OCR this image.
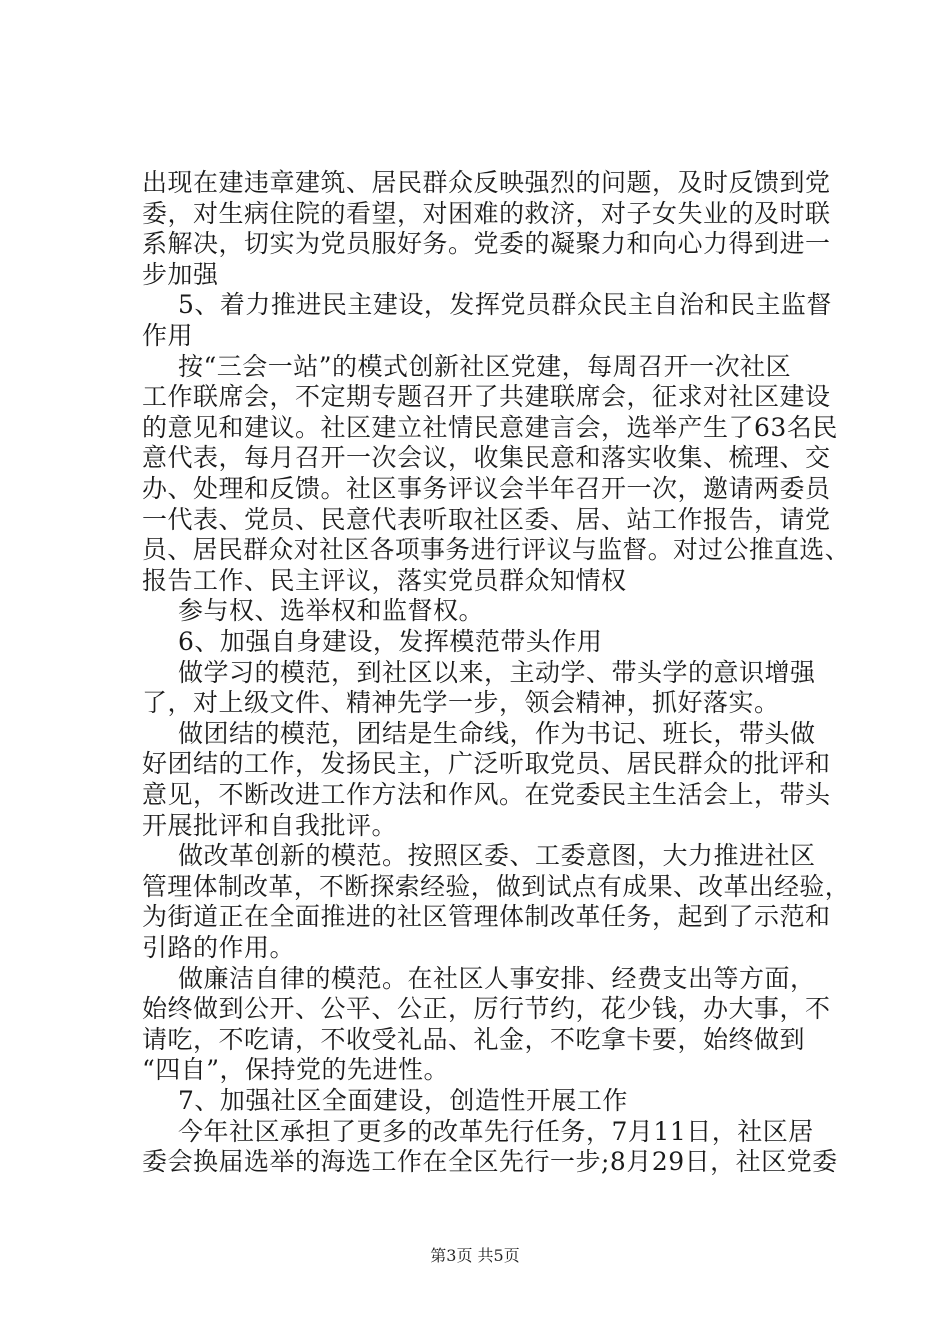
出现在建违章建筑、居民群众反映强烈的问题，及时反馈到党
委，对生病住院的看望，对困难的救济，对子女失业的及时联
系解决，切实为党员服好务。党委的凝聚力和向心力得到进一
步加强
5、着力推进民主建设，发挥党员群众民主自治和民主监督
作用
按“三会一站”的模式创新社区党建，每周召开一次社区
工作联席会，不定期专题召开了共建联席会，征求对社区建设
的意见和建议。社区建立社情民意建言会，选举产生了63名民
意代表，每月召开一次会议，收集民意和落实收集、梳理、交
办、处理和反馈。社区事务评议会半年召开一次，邀请两委员
一代表、党员、民意代表听取社区委、居、站工作报告，请党
员、居民群众对社区各项事务进行评议与监督。对过公推直选、
报告工作、民主评议，落实党员群众知情权
参与权、选举权和监督权。
6、加强自身建设，发挥模范带头作用
做学习的模范，到社区以来，主动学、带头学的意识增强
了，对上级文件、精神先学一步，领会精神，抓好落实。
做团结的模范，团结是生命线，作为书记、班长，带头做
好团结的工作，发扬民主，广泛听取党员、居民群众的批评和
意见，不断改进工作方法和作风。在党委民主生活会上，带头
开展批评和自我批评。
做改革创新的模范。按照区委、工委意图，大力推进社区
管理体制改革，不断探索经验，做到试点有成果、改革出经验，
为街道正在全面推进的社区管理体制改革任务，起到了示范和
引路的作用。
做廉洁自律的模范。在社区人事安排、经费支出等方面，
始终做到公开、公平、公正，厉行节约，花少钱，办大事，不
请吃，不吃请，不收受礼品、礼金，不吃拿卡要，始终做到
“四自”，保持党的先进性。
7、加强社区全面建设，创造性开展工作
今年社区承担了更多的改革先行任务，7月11日，社区居
委会换届选举的海选工作在全区先行一步;8月29日，社区党委
第3页 共5页
